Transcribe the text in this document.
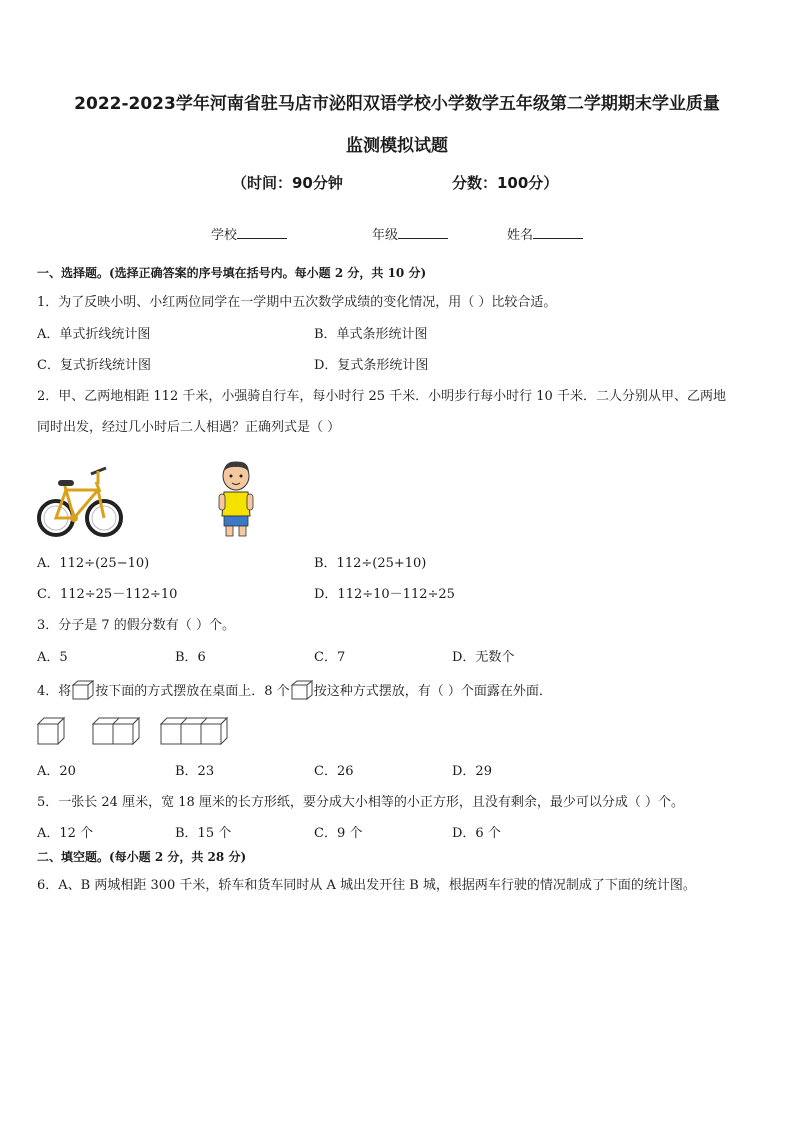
2022-2023学年河南省驻马店市泌阳双语学校小学数学五年级第二学期期末学业质量
监测模拟试题
（时间：90分钟	分数：100分）
学校	年级	姓名
一、选择题。(选择正确答案的序号填在括号内。每小题 2 分，共 10 分)
1．为了反映小明、小红两位同学在一学期中五次数学成绩的变化情况，用（ ）比较合适。
A．单式折线统计图	B．单式条形统计图
C．复式折线统计图	D．复式条形统计图
2．甲、乙两地相距 112 千米，小强骑自行车，每小时行 25 千米．小明步行每小时行 10 千米．二人分别从甲、乙两地
同时出发，经过几小时后二人相遇？正确列式是（ ）
A．112÷(25−10)	B．112÷(25+10)
C．112÷25－112÷10	D．112÷10－112÷25
3．分子是 7 的假分数有（ ）个。
A．5	B．6	C．7	D．无数个
4．将 按下面的方式摆放在桌面上．8 个 按这种方式摆放，有（ ）个面露在外面．
A．20	B．23	C．26	D．29
5．一张长 24 厘米，宽 18 厘米的长方形纸，要分成大小相等的小正方形，且没有剩余，最少可以分成（ ）个。
A．12 个	B．15 个	C．9 个	D．6 个
二、填空题。(每小题 2 分，共 28 分)
6．A、B 两城相距 300 千米，轿车和货车同时从 A 城出发开往 B 城，根据两车行驶的情况制成了下面的统计图。
